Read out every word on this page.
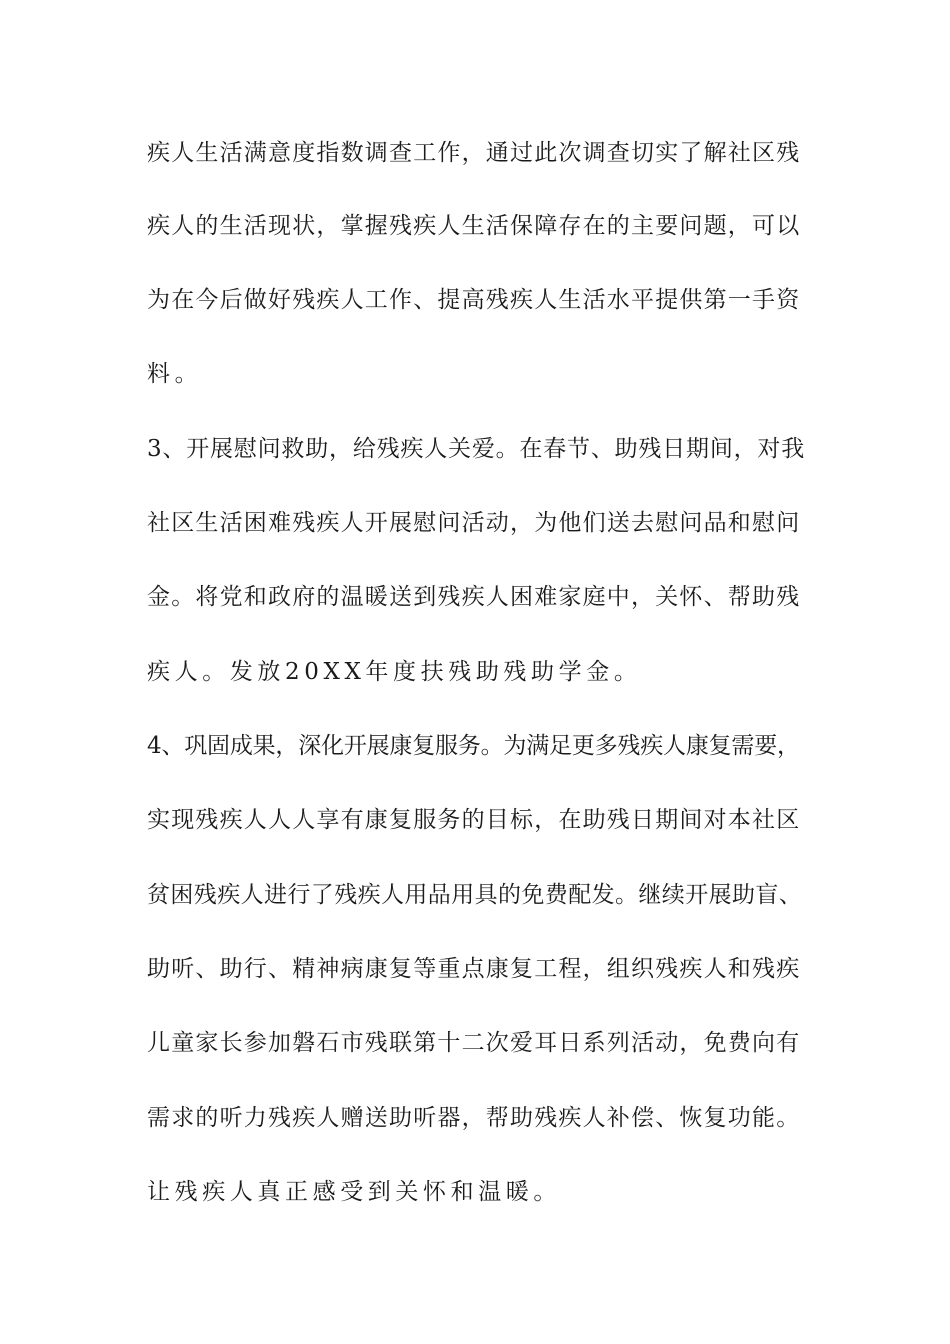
疾人生活满意度指数调查工作，通过此次调查切实了解社区残
疾人的生活现状，掌握残疾人生活保障存在的主要问题，可以
为在今后做好残疾人工作、提高残疾人生活水平提供第一手资
料。
3、开展慰问救助，给残疾人关爱。在春节、助残日期间，对我
社区生活困难残疾人开展慰问活动，为他们送去慰问品和慰问
金。将党和政府的温暖送到残疾人困难家庭中，关怀、帮助残
疾人。发放20XX年度扶残助残助学金。
4、巩固成果，深化开展康复服务。为满足更多残疾人康复需要，
实现残疾人人人享有康复服务的目标，在助残日期间对本社区
贫困残疾人进行了残疾人用品用具的免费配发。继续开展助盲、
助听、助行、精神病康复等重点康复工程，组织残疾人和残疾
儿童家长参加磐石市残联第十二次爱耳日系列活动，免费向有
需求的听力残疾人赠送助听器，帮助残疾人补偿、恢复功能。
让残疾人真正感受到关怀和温暖。
